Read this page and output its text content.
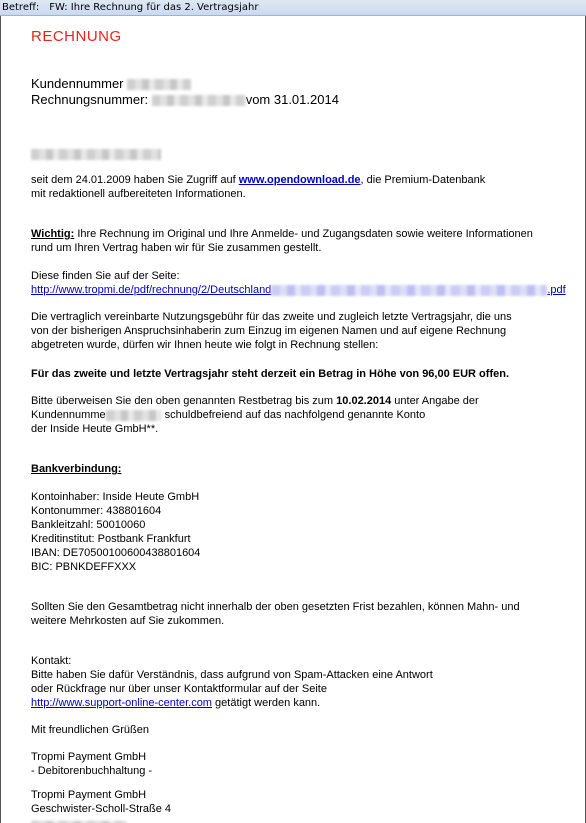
Betreff: FW: Ihre Rechnung für das 2. Vertragsjahr
RECHNUNG
Kundennummer
Rechnungsnummer:	vom 31.01.2014
seit dem 24.01.2009 haben Sie Zugriff auf www.opendownload.de, die Premium-Datenbank
mit redaktionell aufbereiteten Informationen.
Wichtig: Ihre Rechnung im Original und Ihre Anmelde- und Zugangsdaten sowie weitere Informationen
rund um Ihren Vertrag haben wir für Sie zusammen gestellt.
Diese finden Sie auf der Seite:
http://www.tropmi.de/pdf/rechnung/2/Deutschland	.pdf
Die vertraglich vereinbarte Nutzungsgebühr für das zweite und zugleich letzte Vertragsjahr, die uns
von der bisherigen Anspruchsinhaberin zum Einzug im eigenen Namen und auf eigene Rechnung
abgetreten wurde, dürfen wir Ihnen heute wie folgt in Rechnung stellen:
Für das zweite und letzte Vertragsjahr steht derzeit ein Betrag in Höhe von 96,00 EUR offen.
Bitte überweisen Sie den oben genannten Restbetrag bis zum 10.02.2014 unter Angabe der
Kundennumme	schuldbefreiend auf das nachfolgend genannte Konto
der Inside Heute GmbH**.
Bankverbindung:
Kontoinhaber: Inside Heute GmbH
Kontonummer: 438801604
Bankleitzahl: 50010060
Kreditinstitut: Postbank Frankfurt
IBAN: DE70500100600438801604
BIC: PBNKDEFFXXX
Sollten Sie den Gesamtbetrag nicht innerhalb der oben gesetzten Frist bezahlen, können Mahn- und
weitere Mehrkosten auf Sie zukommen.
Kontakt:
Bitte haben Sie dafür Verständnis, dass aufgrund von Spam-Attacken eine Antwort
oder Rückfrage nur über unser Kontaktformular auf der Seite
http://www.support-online-center.com getätigt werden kann.
Mit freundlichen Grüßen
Tropmi Payment GmbH
- Debitorenbuchhaltung -
Tropmi Payment GmbH
Geschwister-Scholl-Straße 4
